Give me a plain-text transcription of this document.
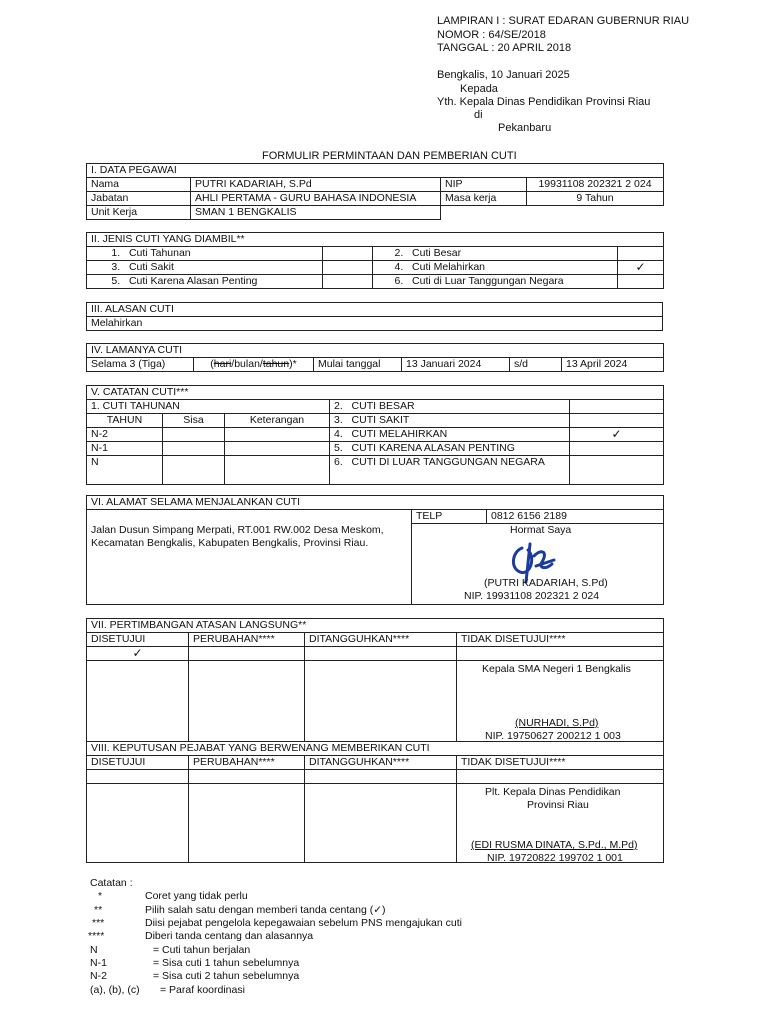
LAMPIRAN I : SURAT EDARAN GUBERNUR RIAU
NOMOR : 64/SE/2018
TANGGAL : 20 APRIL 2018
Bengkalis, 10 Januari 2025
Kepada
Yth. Kepala Dinas Pendidikan Provinsi Riau
di
Pekanbaru
FORMULIR PERMINTAAN DAN PEMBERIAN CUTI
I. DATA PEGAWAI			
Nama	PUTRI KADARIAH, S.Pd	NIP	19931108 202321 2 024
Jabatan	AHLI PERTAMA - GURU BAHASA INDONESIA	Masa kerja	9 Tahun
Unit Kerja	SMAN 1 BENGKALIS		
II. JENIS CUTI YANG DIAMBIL**			
1. Cuti Tahunan		2. Cuti Besar	
3. Cuti Sakit		4. Cuti Melahirkan	✓
5. Cuti Karena Alasan Penting		6. Cuti di Luar Tanggungan Negara	
III. ALASAN CUTI
Melahirkan
IV. LAMANYA CUTI
Selama 3 (Tiga)	(hari/bulan/tahun)*	Mulai tanggal	13 Januari 2024	s/d	13 April 2024
V. CATATAN CUTI***				
1. CUTI TAHUNAN			2. CUTI BESAR	
TAHUN	Sisa	Keterangan	3. CUTI SAKIT	
N-2			4. CUTI MELAHIRKAN	✓
N-1			5. CUTI KARENA ALASAN PENTING	
N			6. CUTI DI LUAR TANGGUNGAN NEGARA	
VI. ALAMAT SELAMA MENJALANKAN CUTI
Jalan Dusun Simpang Merpati, RT.001 RW.002 Desa Meskom, Kecamatan Bengkalis, Kabupaten Bengkalis, Provinsi Riau.	TELP	0812 6156 2189

Hormat Saya
(PUTRI KADARIAH, S.Pd)
NIP. 19931108 202321 2 024
VII. PERTIMBANGAN ATASAN LANGSUNG**			
DISETUJUI	PERUBAHAN****	DITANGGUHKAN****	TIDAK DISETUJUI****
✓			

			Kepala SMA Negeri 1 Bengkalis
(NURHADI, S.Pd)
NIP. 19750627 200212 1 003

VIII. KEPUTUSAN PEJABAT YANG BERWENANG MEMBERIKAN CUTI			
DISETUJUI	PERUBAHAN****	DITANGGUHKAN****	TIDAK DISETUJUI****

			Plt. Kepala Dinas Pendidikan
Provinsi Riau
(EDI RUSMA DINATA, S.Pd., M.Pd)
NIP. 19720822 199702 1 001
Catatan :
*	Coret yang tidak perlu
**	Pilih salah satu dengan memberi tanda centang (✓)
***	Diisi pejabat pengelola kepegawaian sebelum PNS mengajukan cuti
****	Diberi tanda centang dan alasannya
N	= Cuti tahun berjalan
N-1	= Sisa cuti 1 tahun sebelumnya
N-2	= Sisa cuti 2 tahun sebelumnya
(a), (b), (c) = Paraf koordinasi
